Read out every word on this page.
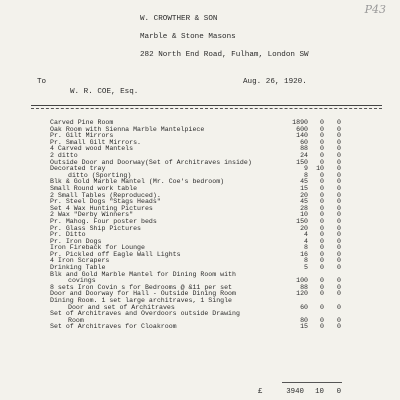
P43
W. CROWTHER & SON
Marble & Stone Masons
282 North End Road, Fulham, London SW
To
W. R. COE, Esq.
Aug. 26, 1920.
Carved Pine Room	1890	0	0
Oak Room with Sienna Marble Mantelpiece	600	0	0
Pr. Gilt Mirrors	140	0	0
Pr. Small Gilt Mirrors.	60	0	0
4 Carved wood Mantels	88	0	0
2 ditto	24	0	0
Outside Door and Doorway(Set of Architraves inside)	150	0	0
Decorated tray	9	10	0
ditto (Sporting)	8	0	0
Blk & Gold Marble Mantel (Mr. Coe's bedroom)	45	0	0
Small Round work table	15	0	0
2 Small Tables (Reproduced).	20	0	0
Pr. Steel Dogs "Stags Heads"	45	0	0
Set 4 Wax Hunting Pictures	28	0	0
2 Wax "Derby Winners"	10	0	0
Pr. Mahog. Four poster beds	150	0	0
Pr. Glass Ship Pictures	20	0	0
Pr. Ditto	4	0	0
Pr. Iron Dogs	4	0	0
Iron Fireback for Lounge	8	0	0
Pr. Pickled off Eagle Wall Lights	16	0	0
4 Iron Scrapers	8	0	0
Drinking Table	5	0	0
Blk and Gold Marble Mantel for Dining Room with
covings	100	0	0
8 sets Iron Covin s for Bedrooms @ &11 per set	88	0	0
Door and Doorway for Hall - Outside Dining Room	120	0	0
Dining Room. 1 set large architraves, 1 Single
Door and set of Architraves	60	0	0
Set of Architraves and Overdoors outside Drawing
Room	80	0	0
Set of Architraves for Cloakroom	15	0	0
£	3940	10	0
